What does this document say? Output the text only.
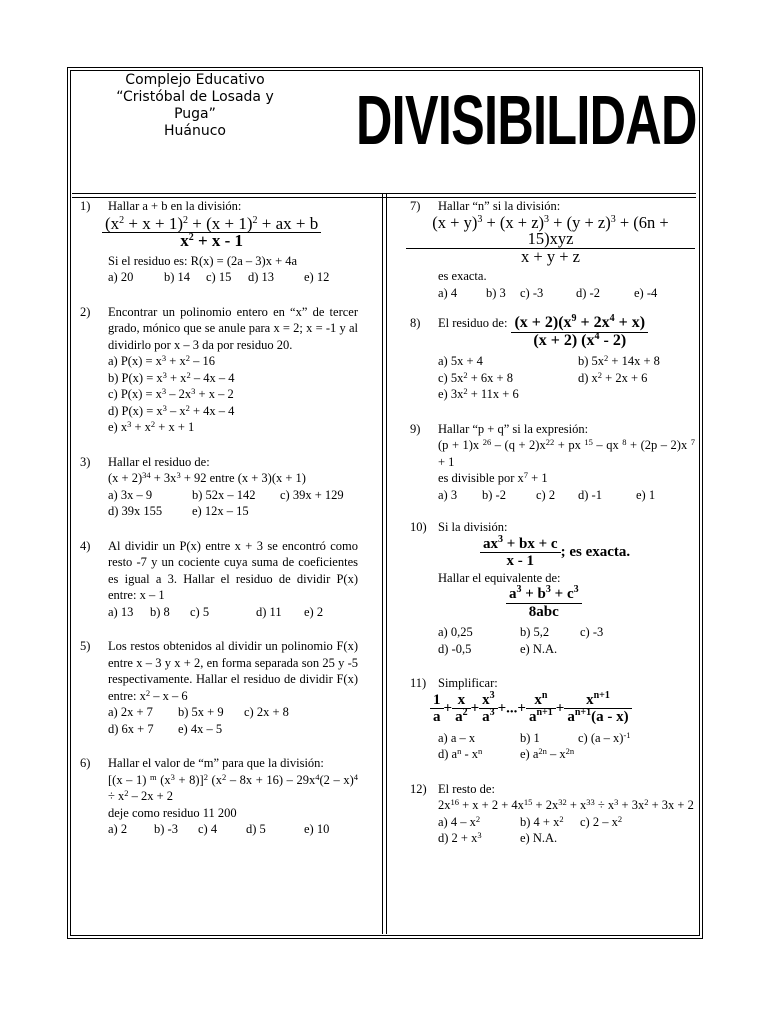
Complejo Educativo
“Cristóbal de Losada y
Puga”
Huánuco	DIVISIBILIDAD
1) Hallar a + b en la división:
$\frac{(x^2 + x + 1)^2 + (x + 1)^2 + ax + b}{x^2 + x - 1}$
Si el residuo es: R(x) = (2a – 3)x + 4a
a) 20 b) 14 c) 15 d) 13 e) 12
2) Encontrar un polinomio entero en “x” de tercer grado, mónico que se anule para x = 2; x = -1 y al dividirlo por x – 3 da por residuo 20.
a) $P(x) = x^3 + x^2 - 16$
b) $P(x) = x^3 + x^2 - 4x - 4$
c) $P(x) = x^3 - 2x^3 + x - 2$
d) $P(x) = x^3 - x^2 + 4x - 4$
e) $x^3 + x^2 + x + 1$
3) Hallar el residuo de:
$(x + 2)^{34} + 3x^3 + 92$ entre (x + 3)(x + 1)
a) 3x – 9	b) 52x – 142 c) 39x + 129
d) 39x 155 e) 12x – 15
4) Al dividir un P(x) entre x + 3 se encontró como resto -7 y un cociente cuya suma de coeficientes es igual a 3. Hallar el residuo de dividir P(x) entre: x – 1
a) 13 b) 8 c) 5	d) 11 e) 2
5) Los restos obtenidos al dividir un polinomio F(x) entre x – 3 y x + 2, en forma separada son 25 y -5 respectivamente. Hallar el residuo de dividir F(x) entre: $x^2$ – x – 6
a) 2x + 7 b) 5x + 9 c) 2x + 8
d) 6x + 7 e) 4x – 5
6) Hallar el valor de “m” para que la división:
[(x – 1) $^m$ $(x^3 + 8)]^2$ $(x^2 - 8x + 16) - 29x^4(2 - x)^4 \div x^2 - 2x + 2$
deje como residuo 11 200
a) 2 b) -3 c) 4 d) 5	e) 10
7) Hallar “n” si la división:
$\frac{(x + y)^3 + (x + z)^3 + (y + z)^3 + (6n + 15)xyz}{x + y + z}$
es exacta.
a) 4 b) 3 c) -3	d) -2	e) -4
8) El residuo de: $\frac{(x + 2)(x^9 + 2x^4 + x)}{(x + 2) (x^4 - 2)}$
a) 5x + 4	b) $5x^2 + 14x + 8$
c) $5x^2 + 6x + 8$	d) $x^2 + 2x + 6$
e) $3x^2 + 11x + 6$
9) Hallar “p + q” si la expresión:
(p + 1)x $^{26} - (q + 2)x^{22}$ + px $^{15}$ – qx $^8$ + (2p – 2)x $^7$ + 1
es divisible por $x^7 + 1$
a) 3 b) -2 c) 2 d) -1	e) 1
10) Si la división:
$\frac{ax^3 + bx + c}{x - 1}$ ; es exacta.
Hallar el equivalente de:
$\frac{a^3 + b^3 + c^3}{\text{8abc}}$
a) 0,25	b) 5,2 c) -3
d) -0,5	e) N.A.
11) Simplificar:
$\frac{1}{a} + \frac{x}{a^2} + \frac{x^3}{a^3}$ +...+ $\frac{x^n}{a^{n+1}} + \frac{x^{n+1}}{a^{n+1}(a - x)}$
a) a – x	b) 1	c) (a – x)$^{-1}$
d) $a^n - x^n$	e) $a^{2n} - x^{2n}$
12) El resto de:
$2x^{16} + x + 2 + 4x^{15} + 2x^{32} + x^{33} \div x^3 + 3x^2 + 3x + 2$
a) $4 - x^2$	b) $4 + x^2$ c) $2 - x^2$
d) $2 + x^3$	e) N.A.
